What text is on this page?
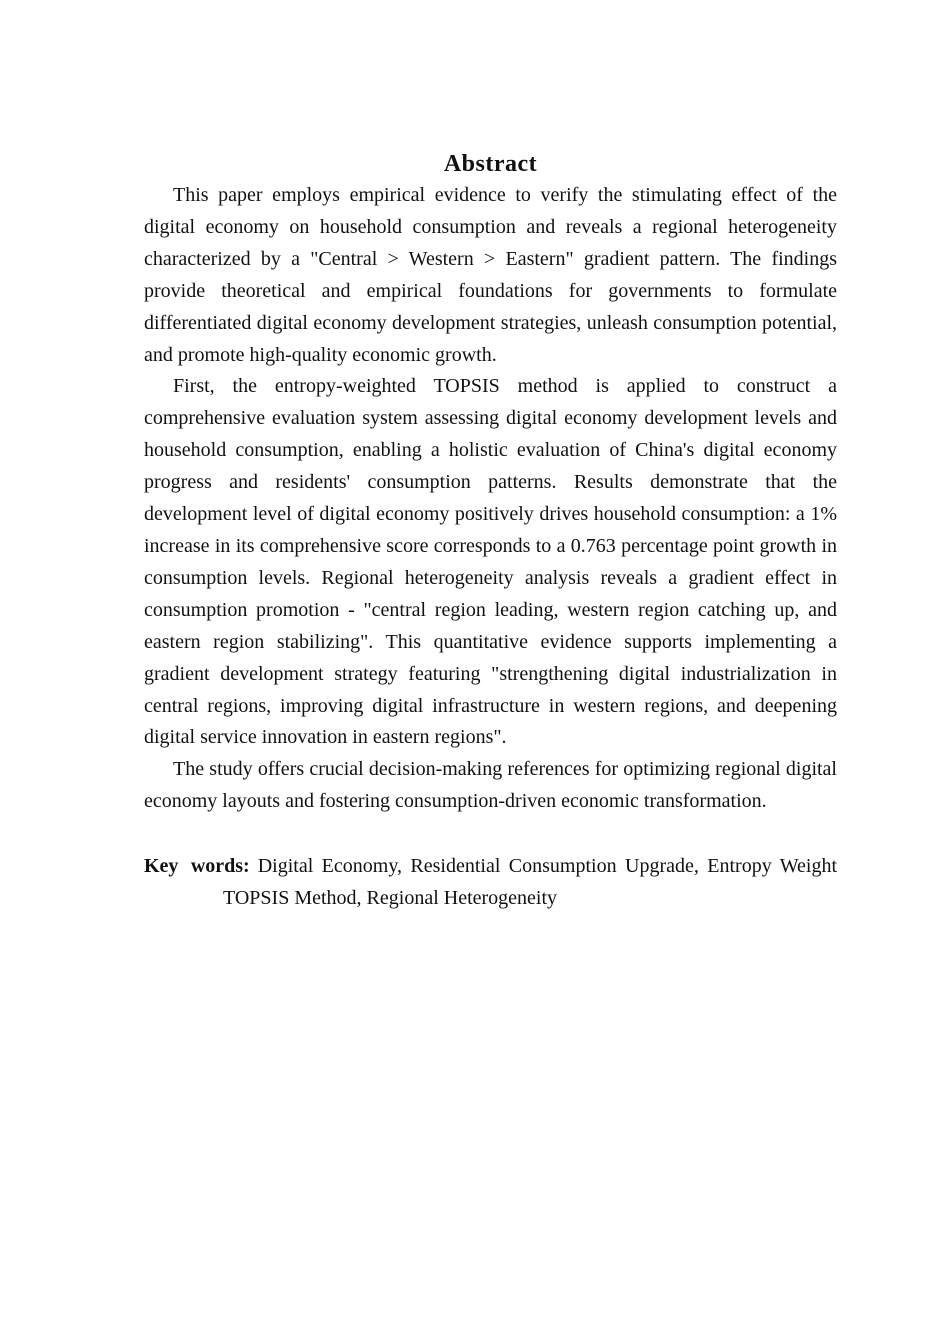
Abstract

This paper employs empirical evidence to verify the stimulating effect of the digital economy on household consumption and reveals a regional heterogeneity characterized by a "Central > Western > Eastern" gradient pattern. The findings provide theoretical and empirical foundations for governments to formulate differentiated digital economy development strategies, unleash consumption potential, and promote high-quality economic growth.

First, the entropy-weighted TOPSIS method is applied to construct a comprehensive evaluation system assessing digital economy development levels and household consumption, enabling a holistic evaluation of China's digital economy progress and residents' consumption patterns. Results demonstrate that the development level of digital economy positively drives household consumption: a 1% increase in its comprehensive score corresponds to a 0.763 percentage point growth in consumption levels. Regional heterogeneity analysis reveals a gradient effect in consumption promotion - "central region leading, western region catching up, and eastern region stabilizing". This quantitative evidence supports implementing a gradient development strategy featuring "strengthening digital industrialization in central regions, improving digital infrastructure in western regions, and deepening digital service innovation in eastern regions".

The study offers crucial decision-making references for optimizing regional digital economy layouts and fostering consumption-driven economic transformation.

Key words: Digital Economy, Residential Consumption Upgrade, Entropy Weight TOPSIS Method, Regional Heterogeneity
